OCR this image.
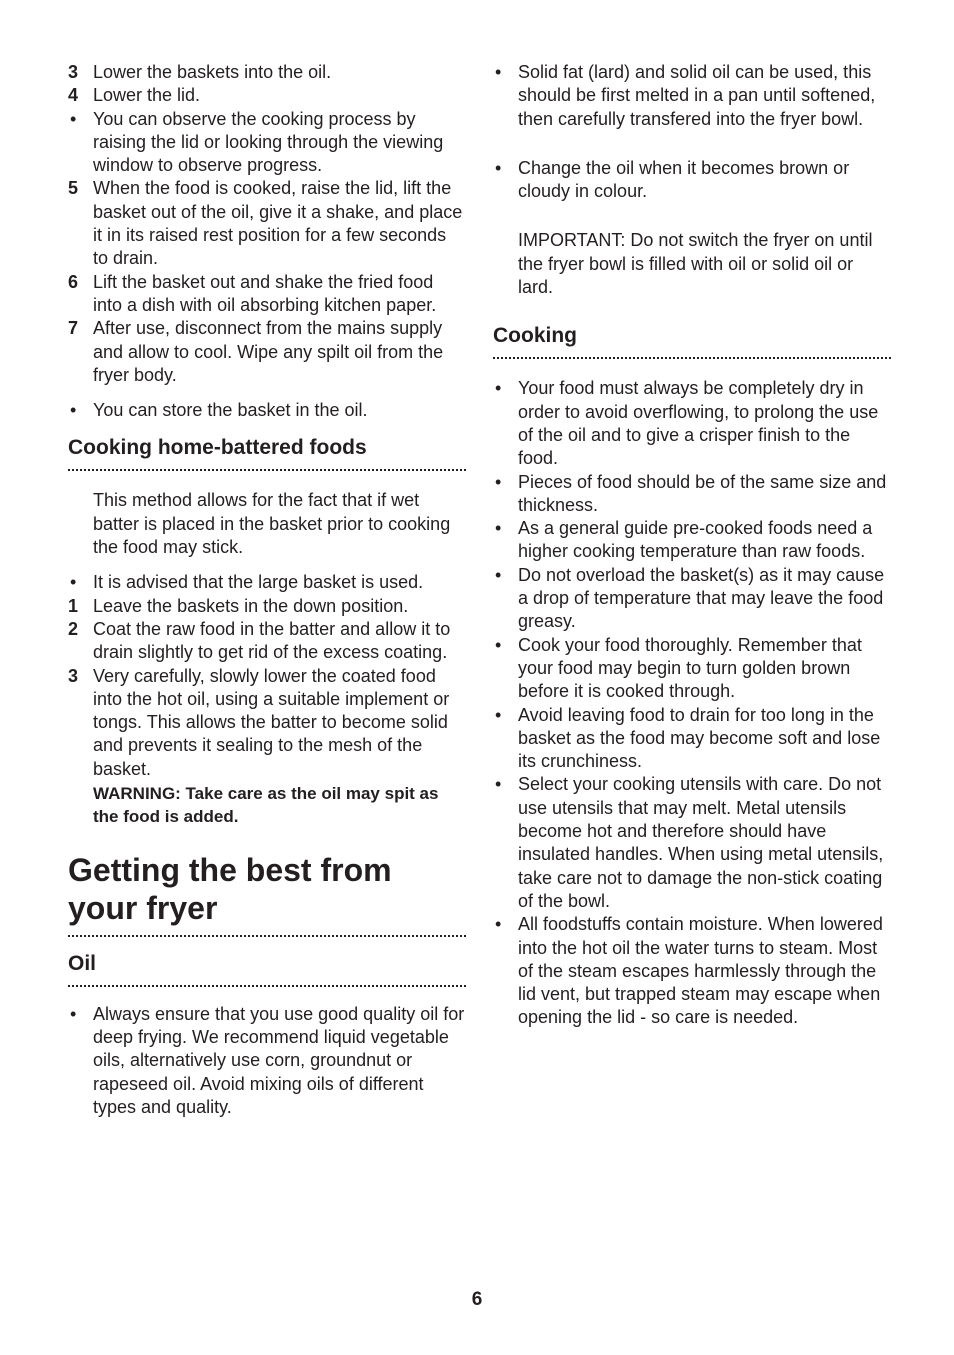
3 Lower the baskets into the oil.
4 Lower the lid.
• You can observe the cooking process by raising the lid or looking through the viewing window to observe progress.
5 When the food is cooked, raise the lid, lift the basket out of the oil, give it a shake, and place it in its raised rest position for a few seconds to drain.
6 Lift the basket out and shake the fried food into a dish with oil absorbing kitchen paper.
7 After use, disconnect from the mains supply and allow to cool. Wipe any spilt oil from the fryer body.
• You can store the basket in the oil.
Cooking home-battered foods
This method allows for the fact that if wet batter is placed in the basket prior to cooking the food may stick.
• It is advised that the large basket is used.
1 Leave the baskets in the down position.
2 Coat the raw food in the batter and allow it to drain slightly to get rid of the excess coating.
3 Very carefully, slowly lower the coated food into the hot oil, using a suitable implement or tongs. This allows the batter to become solid and prevents it sealing to the mesh of the basket.
WARNING: Take care as the oil may spit as the food is added.
Getting the best from
your fryer
Oil
• Always ensure that you use good quality oil for deep frying. We recommend liquid vegetable oils, alternatively use corn, groundnut or rapeseed oil. Avoid mixing oils of different types and quality.
• Solid fat (lard) and solid oil can be used, this should be first melted in a pan until softened, then carefully transfered into the fryer bowl.
• Change the oil when it becomes brown or cloudy in colour.
IMPORTANT: Do not switch the fryer on until the fryer bowl is filled with oil or solid oil or lard.
Cooking
• Your food must always be completely dry in order to avoid overflowing, to prolong the use of the oil and to give a crisper finish to the food.
• Pieces of food should be of the same size and thickness.
• As a general guide pre-cooked foods need a higher cooking temperature than raw foods.
• Do not overload the basket(s) as it may cause a drop of temperature that may leave the food greasy.
• Cook your food thoroughly. Remember that your food may begin to turn golden brown before it is cooked through.
• Avoid leaving food to drain for too long in the basket as the food may become soft and lose its crunchiness.
• Select your cooking utensils with care. Do not use utensils that may melt. Metal utensils become hot and therefore should have insulated handles. When using metal utensils, take care not to damage the non-stick coating of the bowl.
• All foodstuffs contain moisture. When lowered into the hot oil the water turns to steam. Most of the steam escapes harmlessly through the lid vent, but trapped steam may escape when opening the lid - so care is needed.
6
